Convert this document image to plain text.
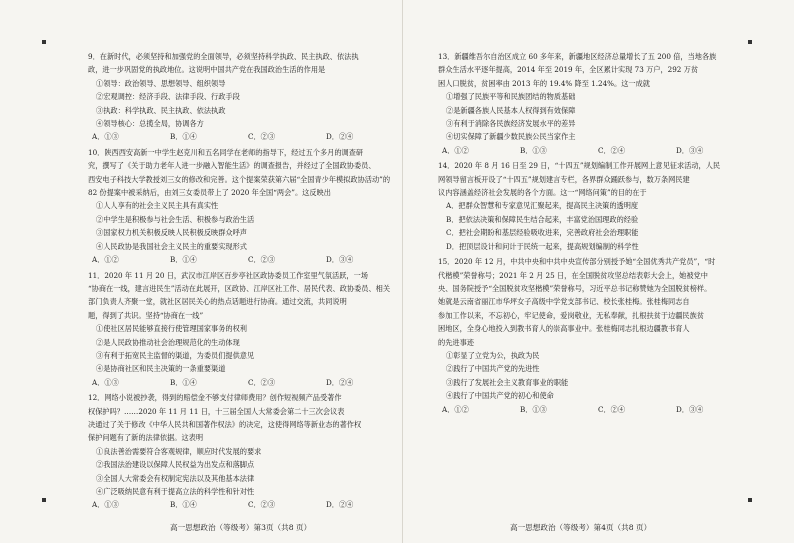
9．在新时代，必须坚持和加强党的全面领导，必须坚持科学执政、民主执政、依法执
政，进一步巩固党的执政地位。这说明中国共产党在我国政治生活的作用是
①领导：政治领导、思想领导、组织领导
②宏观调控：经济手段、法律手段、行政手段
③执政：科学执政、民主执政、依法执政
④领导核心：总揽全局，协调各方
A．①③	B．①④	C．②③	D．②④
10．陕西西安高新一中学生赵克川和五名同学在老师的指导下，经过五个多月的调查研
究，撰写了《关于助力老年人进一步融入智能生活》的调查报告，并经过了全国政协委员、
西安电子科技大学教授刘三女的修改和完善。这个提案荣获第六届“全国青少年模拟政协活动”的
82 份提案中被采纳后，由刘三女委员带上了 2020 年全国“两会”。这反映出
①人人享有的社会主义民主具有真实性
②中学生是积极参与社会生活、积极参与政治生活
③国家权力机关积极反映人民积极反映群众呼声
④人民政协是我国社会主义民主的重要实现形式
A．①②	B．①④	C．②③	D．③④
11．2020 年 11 月 20 日，武汉市江岸区百步亭社区政协委员工作室里气氛活跃，一场
“协商在一线，建言进民生”活动在此展开，区政协、江岸区社工作、居民代表、政协委员、相关
部门负责人齐聚一堂，就社区居民关心的热点话题进行协商。通过交流，共同说明
题，得到了共识。坚持“协商在一线”
①使社区居民能够直接行使管理国家事务的权利
②是人民政协推动社会治理规范化的生动体现
③有利于拓宽民主监督的渠道，为委员们提供意见
④是协商社区和民主决策的一条重要渠道
A．①③	B．①④	C．②③	D．②④
12．网络小说被抄袭，得到的赔偿金不够支付律师费用？创作短视频产品受著作
权保护吗？……2020 年 11 月 11 日，十三届全国人大常委会第二十三次会议表
决通过了关于修改《中华人民共和国著作权法》的决定，这使得网络等新业态的著作权
保护问题有了新的法律依据。这表明
①良法善治需要符合客观规律，顺应时代发展的要求
②我国法治建设以保障人民权益为出发点和落脚点
③全国人大常委会有权制定宪法以及其他基本法律
④广泛吸纳民意有利于提高立法的科学性和针对性
A．①③	B．①④	C．②③	D．②④
13．新疆维吾尔自治区成立 60 多年来，新疆地区经济总量增长了五 200 倍，当地各族
群众生活水平逐年提高，2014 年至 2019 年，全区累计实现 73 万户，292 万贫
困人口脱贫，贫困率由 2013 年的 19.4% 降至 1.24%。这一成就
①增强了民族平等和民族团结的物质基础
②是新疆各族人民基本人权得到有效保障
③有利于消除各民族经济发展水平的差异
④切实保障了新疆少数民族公民当家作主
A．①②	B．①③	C．②④	D．③④
14．2020 年 8 月 16 日至 29 日，“十四五”规划编制工作开展网上意见征求活动，人民
网领导留言板开设了“十四五”规划建言专栏，各界群众踊跃参与，数万条网民建
议内容涵盖经济社会发展的各个方面。这一“网络问策”的目的在于
A．把群众智慧和专家意见汇聚起来，提高民主决策的透明度
B．把依法决策和保障民生结合起来，丰富党治国理政的经验
C．把社会期盼和基层经验吸收进来，完善政府社会治理职能
D．把顶层设计和问计于民统一起来，提高规划编制的科学性
15．2020 年 12 月，中共中央和中共中央宣传部分别授予她“全国优秀共产党员”，“时
代楷模”荣誉称号；2021 年 2 月 25 日，在全国脱贫攻坚总结表彰大会上，她被党中
央、国务院授予“全国脱贫攻坚楷模”荣誉称号，习近平总书记称赞她为全国脱贫榜样。
她就是云南省丽江市华坪女子高级中学党支部书记、校长张桂梅。张桂梅同志自
参加工作以来，不忘初心，牢记使命，爱岗敬业，无私奉献，扎根扶贫于边疆民族贫
困地区，全身心地投入到教书育人的崇高事业中。张桂梅同志扎根边疆教书育人
的先进事迹
①彰显了立党为公，执政为民
②践行了中国共产党的先进性
③践行了发展社会主义教育事业的职能
④践行了中国共产党的初心和使命
A．①②	B．①③	C．②④	D．③④
高一思想政治（等级考）第3页（共8 页）	高一思想政治（等级考）第4页（共8 页）
